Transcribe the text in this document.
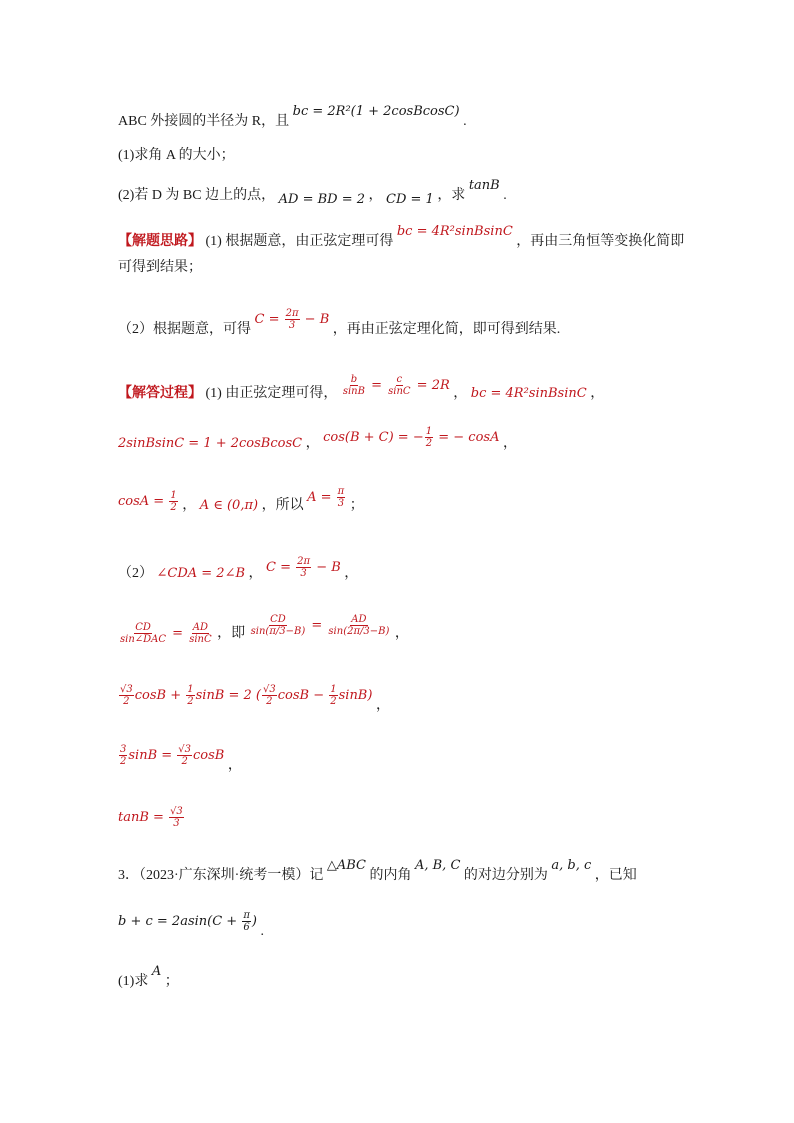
ABC 外接圆的半径为 R，且 bc = 2R²(1 + 2cosBcosC) .
(1)求角 A 的大小；
(2)若 D 为 BC 边上的点， AD = BD = 2 ， CD = 1 ，求 tanB .
【解题思路】 (1) 根据题意，由正弦定理可得 bc = 4R²sinBsinC ，再由三角恒等变换化简即
可得到结果；
（2）根据题意，可得 $C = \frac{2\pi}{3} - B$ ，再由正弦定理化简，即可得到结果.
【解答过程】 (1) 由正弦定理可得， $\frac{b}{\sin B} = \frac{c}{\sin C} = 2R$ ， bc = 4R²sinBsinC ，
2sinBsinC = 1 + 2cosBcosC ， cos(B + C) = − $\frac{1}{2}$ = − cosA ，
$\cos A = \frac{1}{2}$ ， A ∈ (0,π) ，所以 $A = \frac{\pi}{3}$ ；
（2） ∠CDA = 2∠B ， $C = \frac{2\pi}{3} - B$ ，
$\frac{CD}{\text{sin∠DAC}} = \frac{AD}{\sin C}$ ，即 $\frac{CD}{\sin(\pi/3-B)} = \frac{AD}{\sin(2\pi/3-B)}$ ，
$\frac{√3}{2}$ $\cos B + \frac{1}{2}$ sinB = 2 ( $\frac{√3}{2}$ $\cos B - \frac{1}{2} \sin B$) ，
$\frac{3}{2}$ $\sin B = \frac{√3}{2}$ cosB ，
$\tan B = \frac{√3}{3}$
3．（2023·广东深圳·统考一模）记 △ABC 的内角 A, B, C 的对边分别为 a, b, c ，已知
$b + c = 2asin(C + \frac{\pi}{6}$ ) .
(1)求 A ；
